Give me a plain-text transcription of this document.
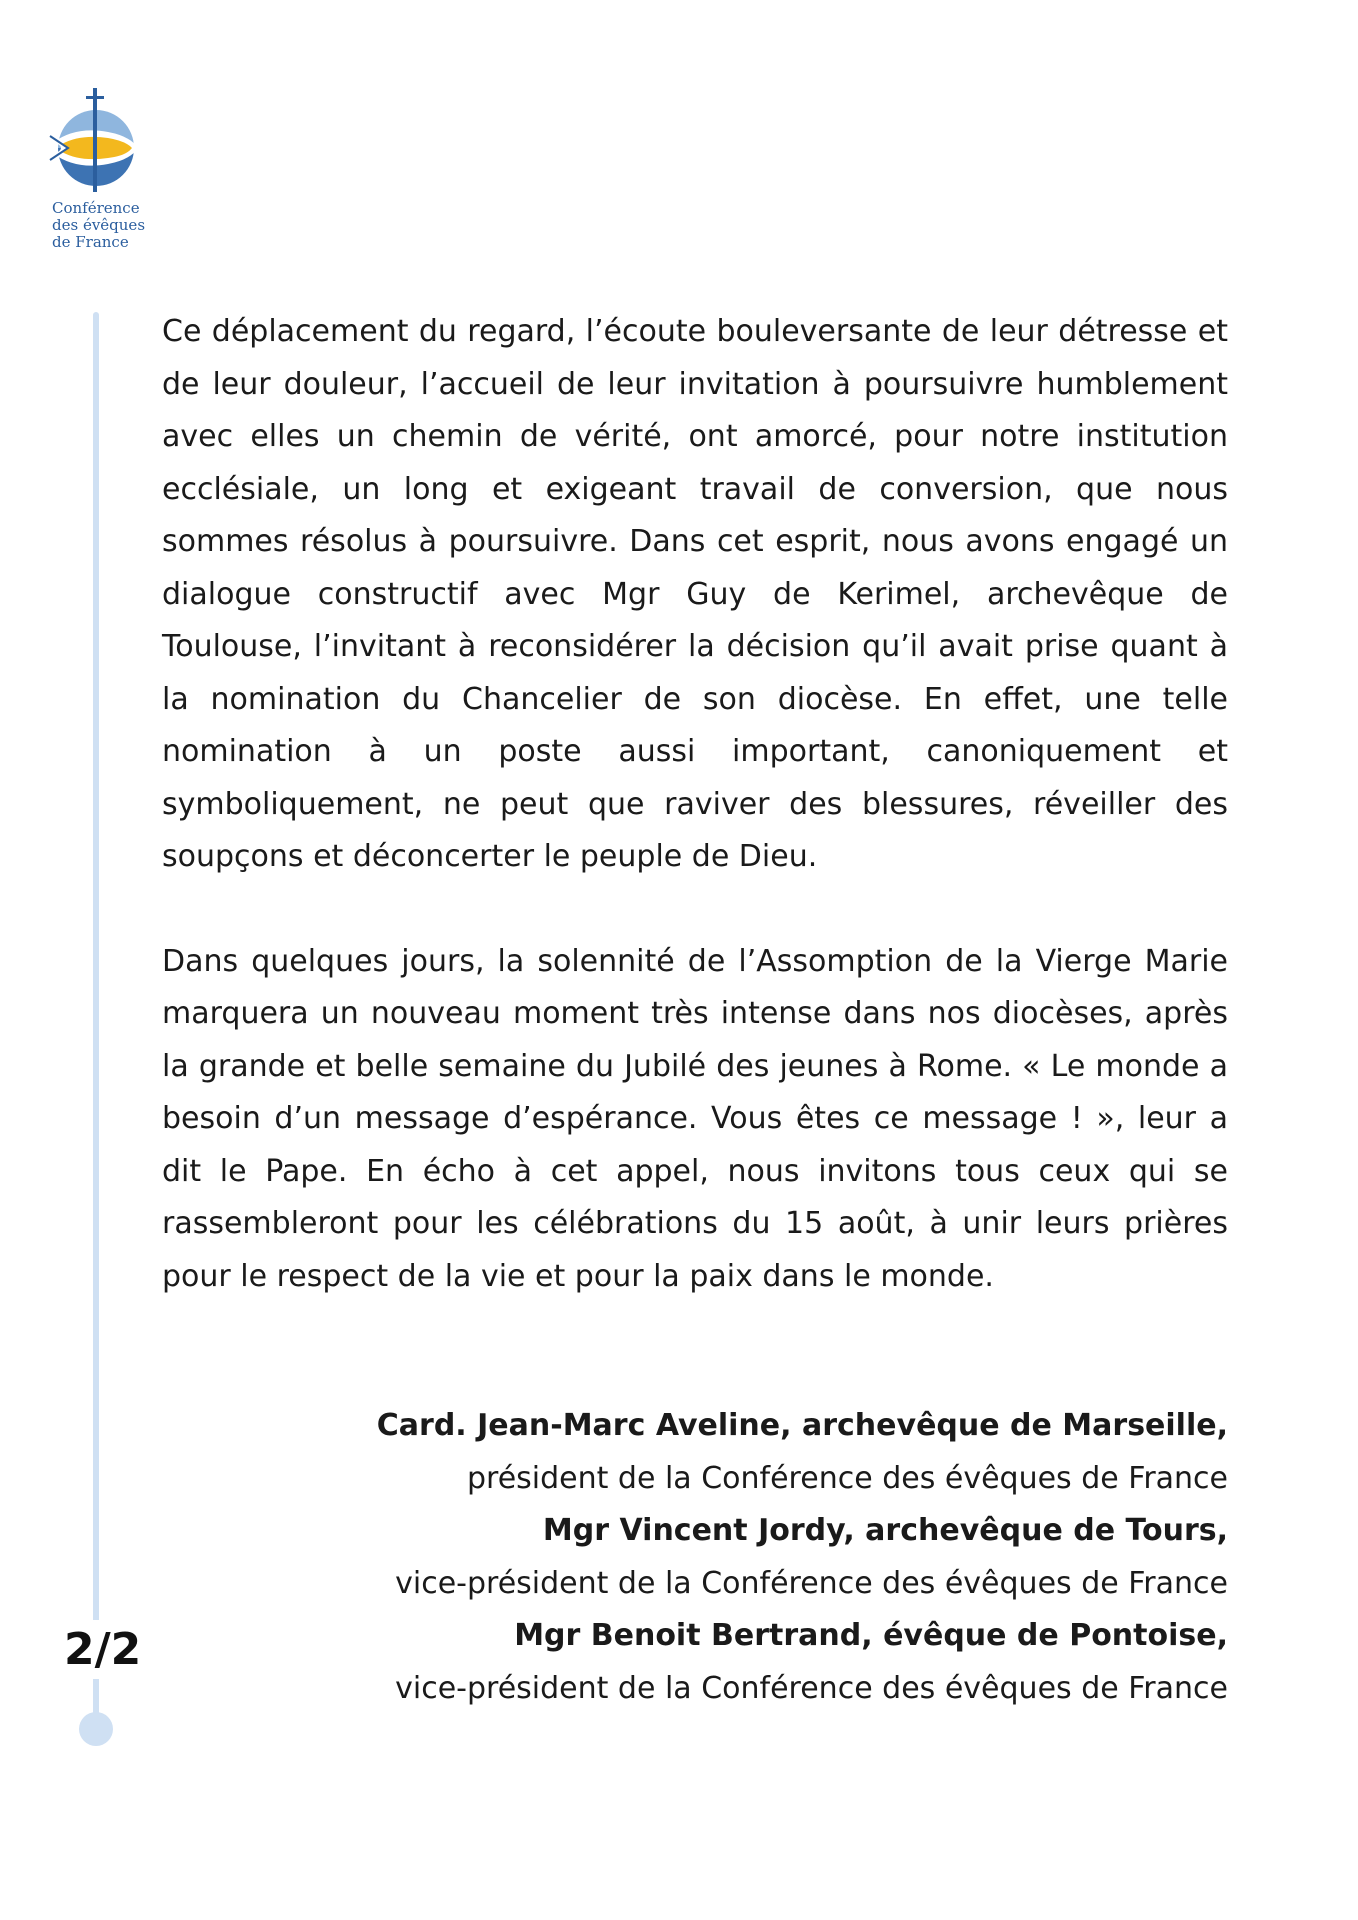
Conférence
des évêques
de France
2/2

Ce déplacement du regard, l’écoute bouleversante de leur détresse et de leur douleur, l’accueil de leur invitation à poursuivre humblement avec elles un chemin de vérité, ont amorcé, pour notre institution ecclésiale, un long et exigeant travail de conversion, que nous sommes résolus à poursuivre. Dans cet esprit, nous avons engagé un dialogue constructif avec Mgr Guy de Kerimel, archevêque de Toulouse, l’invitant à reconsidérer la décision qu’il avait prise quant à la nomination du Chancelier de son diocèse. En effet, une telle nomination à un poste aussi important, canoniquement et symboliquement, ne peut que raviver des blessures, réveiller des soupçons et déconcerter le peuple de Dieu.

Dans quelques jours, la solennité de l’Assomption de la Vierge Marie marquera un nouveau moment très intense dans nos diocèses, après la grande et belle semaine du Jubilé des jeunes à Rome. « Le monde a besoin d’un message d’espérance. Vous êtes ce message ! », leur a dit le Pape. En écho à cet appel, nous invitons tous ceux qui se rassembleront pour les célébrations du 15 août, à unir leurs prières pour le respect de la vie et pour la paix dans le monde.

Card. Jean-Marc Aveline, archevêque de Marseille,
président de la Conférence des évêques de France
Mgr Vincent Jordy, archevêque de Tours,
vice-président de la Conférence des évêques de France
Mgr Benoit Bertrand, évêque de Pontoise,
vice-président de la Conférence des évêques de France
